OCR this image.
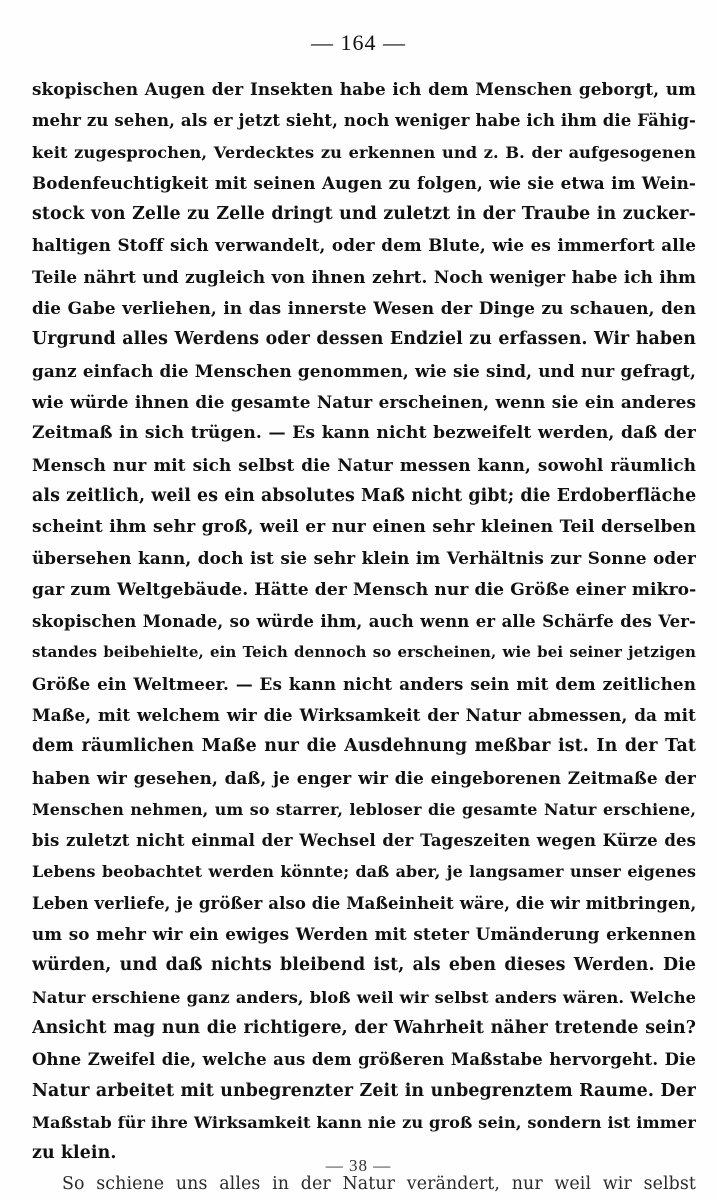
— 164 —
skopischen Augen der Insekten habe ich dem Menschen geborgt, um
mehr zu sehen, als er jetzt sieht, noch weniger habe ich ihm die Fähig-
keit zugesprochen, Verdecktes zu erkennen und z. B. der aufgesogenen
Bodenfeuchtigkeit mit seinen Augen zu folgen, wie sie etwa im Wein-
stock von Zelle zu Zelle dringt und zuletzt in der Traube in zucker-
haltigen Stoff sich verwandelt, oder dem Blute, wie es immerfort alle
Teile nährt und zugleich von ihnen zehrt. Noch weniger habe ich ihm
die Gabe verliehen, in das innerste Wesen der Dinge zu schauen, den
Urgrund alles Werdens oder dessen Endziel zu erfassen. Wir haben
ganz einfach die Menschen genommen, wie sie sind, und nur gefragt,
wie würde ihnen die gesamte Natur erscheinen, wenn sie ein anderes
Zeitmaß in sich trügen. — Es kann nicht bezweifelt werden, daß der
Mensch nur mit sich selbst die Natur messen kann, sowohl räumlich
als zeitlich, weil es ein absolutes Maß nicht gibt; die Erdoberfläche
scheint ihm sehr groß, weil er nur einen sehr kleinen Teil derselben
übersehen kann, doch ist sie sehr klein im Verhältnis zur Sonne oder
gar zum Weltgebäude. Hätte der Mensch nur die Größe einer mikro-
skopischen Monade, so würde ihm, auch wenn er alle Schärfe des Ver-
standes beibehielte, ein Teich dennoch so erscheinen, wie bei seiner jetzigen
Größe ein Weltmeer. — Es kann nicht anders sein mit dem zeitlichen
Maße, mit welchem wir die Wirksamkeit der Natur abmessen, da mit
dem räumlichen Maße nur die Ausdehnung meßbar ist. In der Tat
haben wir gesehen, daß, je enger wir die eingeborenen Zeitmaße der
Menschen nehmen, um so starrer, lebloser die gesamte Natur erschiene,
bis zuletzt nicht einmal der Wechsel der Tageszeiten wegen Kürze des
Lebens beobachtet werden könnte; daß aber, je langsamer unser eigenes
Leben verliefe, je größer also die Maßeinheit wäre, die wir mitbringen,
um so mehr wir ein ewiges Werden mit steter Umänderung erkennen
würden, und daß nichts bleibend ist, als eben dieses Werden. Die
Natur erschiene ganz anders, bloß weil wir selbst anders wären. Welche
Ansicht mag nun die richtigere, der Wahrheit näher tretende sein?
Ohne Zweifel die, welche aus dem größeren Maßstabe hervorgeht. Die
Natur arbeitet mit unbegrenzter Zeit in unbegrenztem Raume. Der
Maßstab für ihre Wirksamkeit kann nie zu groß sein, sondern ist immer
zu klein.
So schiene uns alles in der Natur verändert, nur weil wir selbst
— 38 —
